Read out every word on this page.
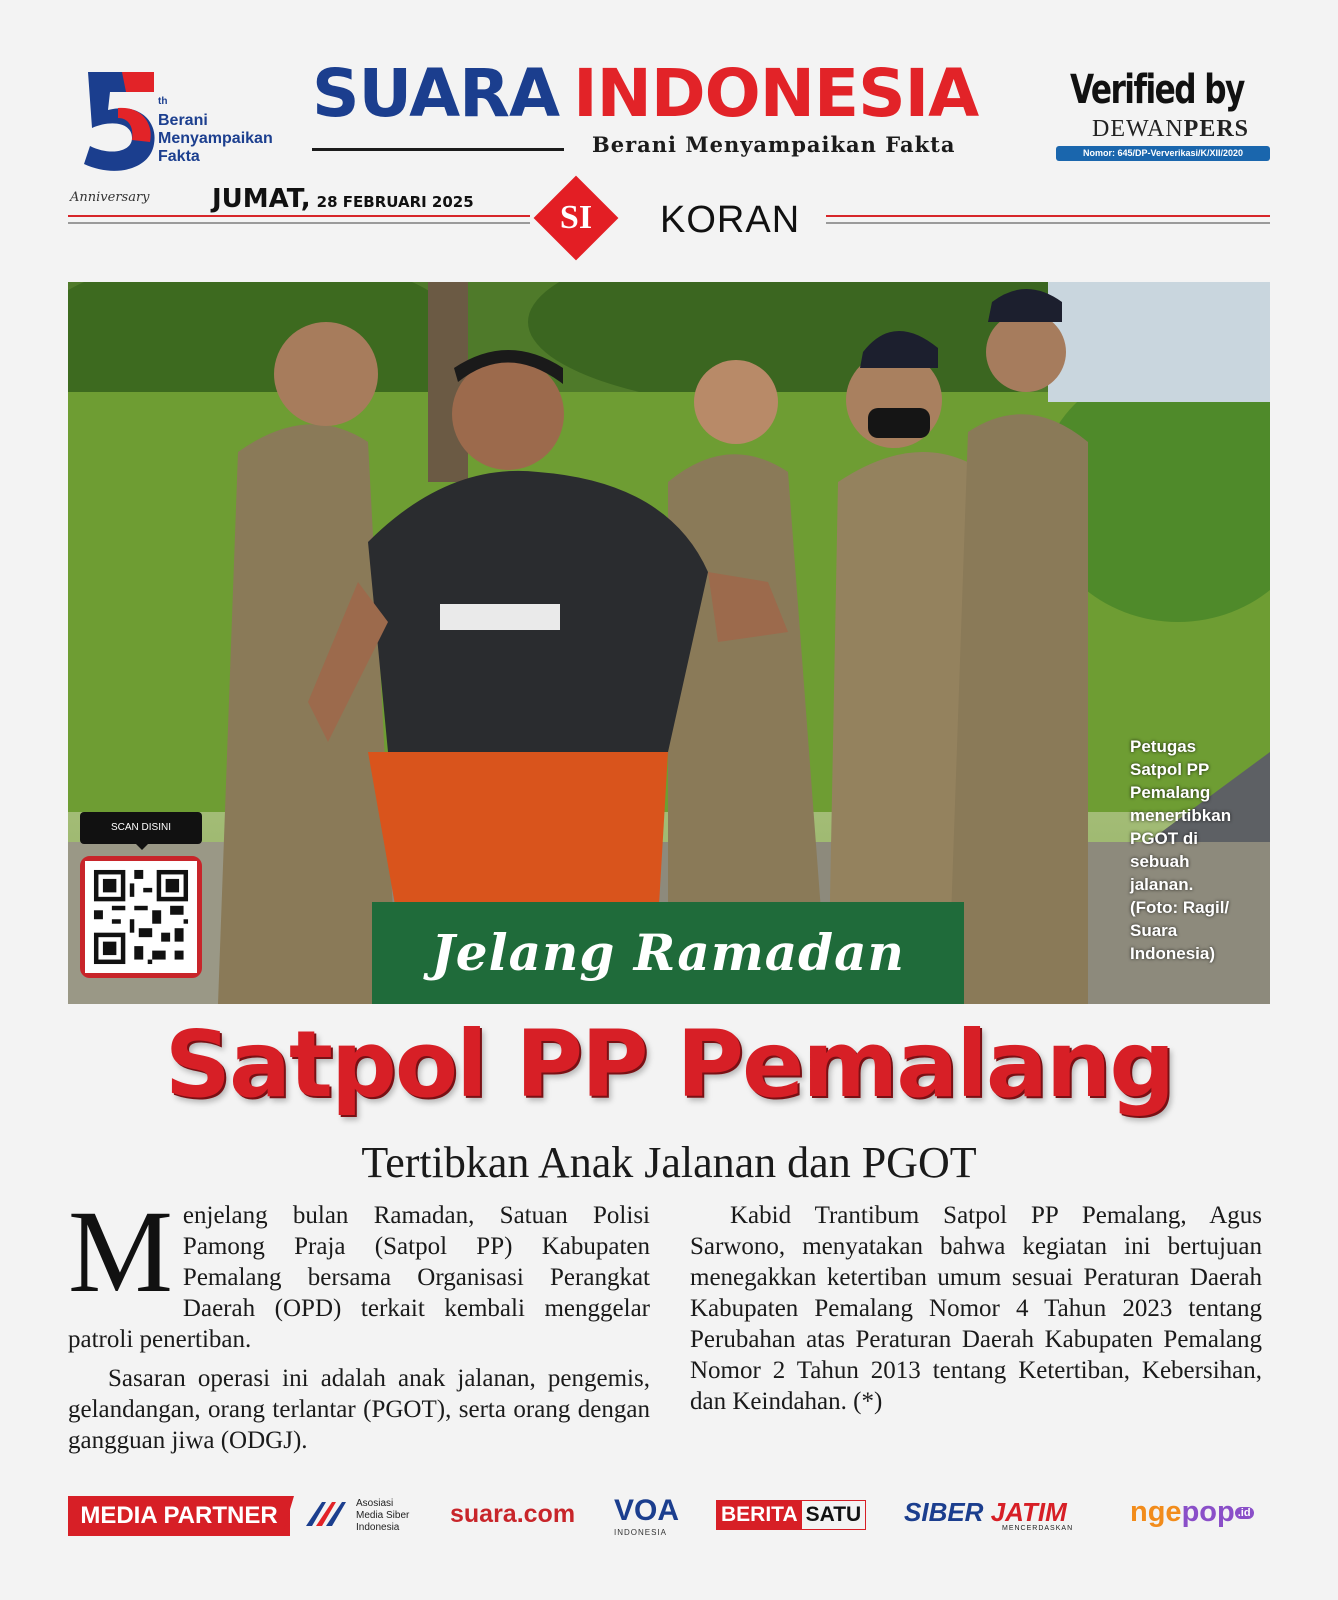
th
Berani
Menyampaikan
Fakta
Anniversary
SUARA INDONESIA
Berani Menyampaikan Fakta
Verified by
DEWANPERS
Nomor: 645/DP-Ververikasi/K/XII/2020
JUMAT, 28 FEBRUARI 2025	SI	KORAN
Petugas
Satpol PP
Pemalang
menertibkan
PGOT di
sebuah
jalanan.
(Foto: Ragil/
Suara
Indonesia)
SCAN DISINI
Jelang Ramadan
Satpol PP Pemalang
Tertibkan Anak Jalanan dan PGOT

Menjelang bulan Ramadan, Satuan Polisi Pamong Praja (Satpol PP) Kabupaten Pemalang bersama Organisasi Perangkat Daerah (OPD) terkait kembali menggelar patroli penertiban.

Sasaran operasi ini adalah anak jalanan, pengemis, gelandangan, orang terlantar (PGOT), serta orang dengan gangguan jiwa (ODGJ).

Kabid Trantibum Satpol PP Pemalang, Agus Sarwono, menyatakan bahwa kegiatan ini bertujuan menegakkan ketertiban umum sesuai Peraturan Daerah Kabupaten Pemalang Nomor 4 Tahun 2023 tentang Perubahan atas Peraturan Daerah Kabupaten Pemalang Nomor 2 Tahun 2013 tentang Ketertiban, Kebersihan, dan Keindahan. (*)

MEDIA PARTNER	Asosiasi
Media Siber
Indonesia	suara.com VOA
INDONESIA
BERITA SATU SIBER JATIM
MENCERDASKAN
ngepop .id
